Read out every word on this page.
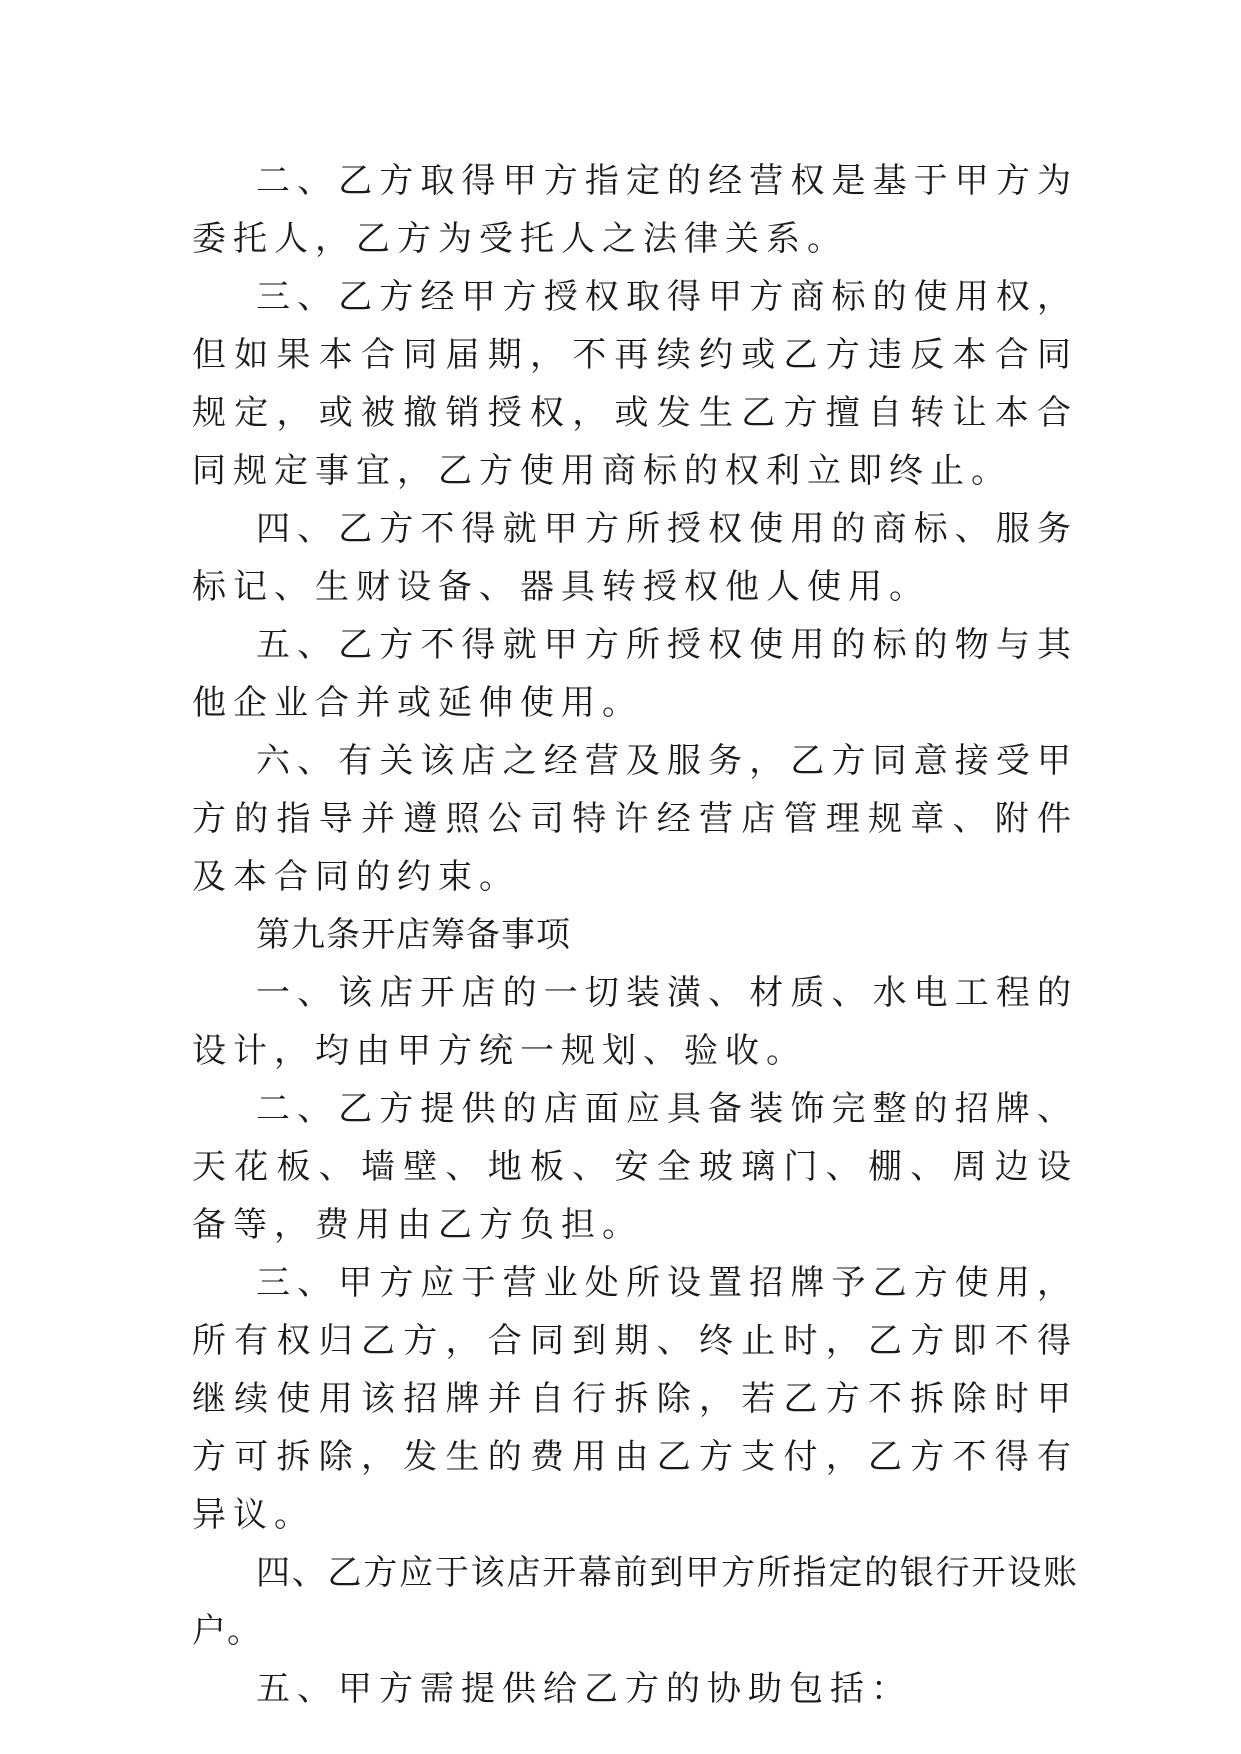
二、乙方取得甲方指定的经营权是基于甲方为委托人，乙方为受托人之法律关系。

三、乙方经甲方授权取得甲方商标的使用权，但如果本合同届期，不再续约或乙方违反本合同规定，或被撤销授权，或发生乙方擅自转让本合同规定事宜，乙方使用商标的权利立即终止。

四、乙方不得就甲方所授权使用的商标、服务标记、生财设备、器具转授权他人使用。

五、乙方不得就甲方所授权使用的标的物与其他企业合并或延伸使用。

六、有关该店之经营及服务，乙方同意接受甲方的指导并遵照公司特许经营店管理规章、附件及本合同的约束。

第九条开店筹备事项

一、该店开店的一切装潢、材质、水电工程的设计，均由甲方统一规划、验收。

二、乙方提供的店面应具备装饰完整的招牌、天花板、墙壁、地板、安全玻璃门、棚、周边设备等，费用由乙方负担。

三、甲方应于营业处所设置招牌予乙方使用，所有权归乙方，合同到期、终止时，乙方即不得继续使用该招牌并自行拆除，若乙方不拆除时甲方可拆除，发生的费用由乙方支付，乙方不得有异议。

四、乙方应于该店开幕前到甲方所指定的银行开设账户。

五、甲方需提供给乙方的协助包括：
